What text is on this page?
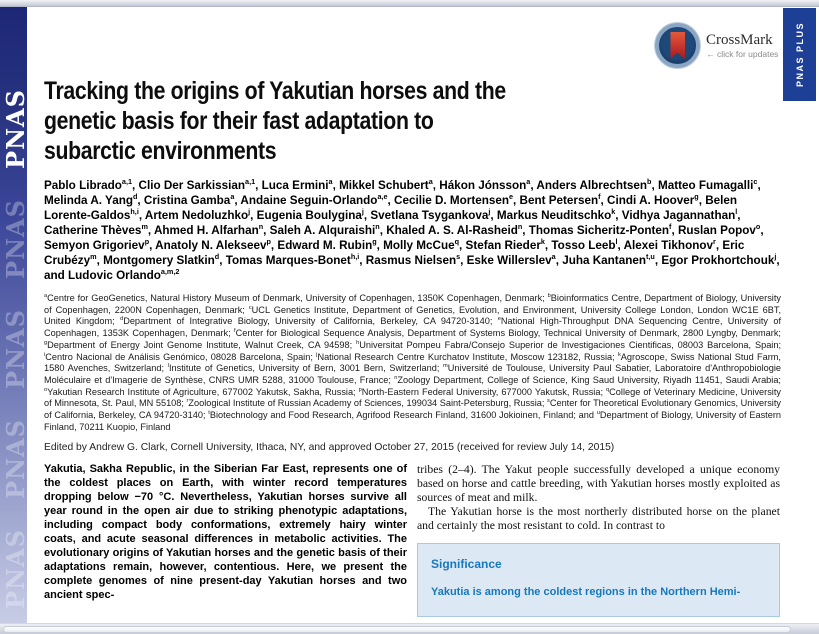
PNAS
PNAS
PNAS
PNAS
PNAS
PNAS PLUS
CrossMark
← click for updates
Tracking the origins of Yakutian horses and the
genetic basis for their fast adaptation to
subarctic environments

Pablo Librado$^{a,1}$, Clio Der Sarkissian$^{a,1}$, Luca Ermini$^a$, Mikkel Schubert$^a$, Hákon Jónsson$^a$, Anders Albrechtsen$^b$, Matteo Fumagalli$^c$, Melinda A. Yang$^d$, Cristina Gamba$^a$, Andaine Seguin-Orlando$^{a,e}$, Cecilie D. Mortensen$^e$, Bent Petersen$^f$, Cindi A. Hoover$^g$, Belen Lorente-Galdos$^{h,i}$, Artem Nedoluzhko$^j$, Eugenia Boulygina$^j$, Svetlana Tsygankova$^j$, Markus Neuditschko$^k$, Vidhya Jagannathan$^l$, Catherine Thèves$^m$, Ahmed H. Alfarhan$^n$, Saleh A. Alquraishi$^n$, Khaled A. S. Al-Rasheid$^n$, Thomas Sicheritz-Ponten$^f$, Ruslan Popov$^o$, Semyon Grigoriev$^p$, Anatoly N. Alekseev$^p$, Edward M. Rubin$^g$, Molly McCue$^q$, Stefan Rieder$^k$, Tosso Leeb$^l$, Alexei Tikhonov$^r$, Eric Crubézy$^m$, Montgomery Slatkin$^d$, Tomas Marques-Bonet$^{h,i}$, Rasmus Nielsen$^s$, Eske Willerslev$^a$, Juha Kantanen$^{t,u}$, Egor Prokhortchouk$^j$, and Ludovic Orlando$^{a,m,2}$

$^a$Centre for GeoGenetics, Natural History Museum of Denmark, University of Copenhagen, 1350K Copenhagen, Denmark; $^b$Bioinformatics Centre, Department of Biology, University of Copenhagen, 2200N Copenhagen, Denmark; $^c$UCL Genetics Institute, Department of Genetics, Evolution, and Environment, University College London, London WC1E 6BT, United Kingdom; $^d$Department of Integrative Biology, University of California, Berkeley, CA 94720-3140; $^e$National High-Throughput DNA Sequencing Centre, University of Copenhagen, 1353K Copenhagen, Denmark; $^f$Center for Biological Sequence Analysis, Department of Systems Biology, Technical University of Denmark, 2800 Lyngby, Denmark; $^g$Department of Energy Joint Genome Institute, Walnut Creek, CA 94598; $^h$Universitat Pompeu Fabra/Consejo Superior de Investigaciones Cientificas, 08003 Barcelona, Spain; $^i$Centro Nacional de Análisis Genómico, 08028 Barcelona, Spain; $^j$National Research Centre Kurchatov Institute, Moscow 123182, Russia; $^k$Agroscope, Swiss National Stud Farm, 1580 Avenches, Switzerland; $^l$Institute of Genetics, University of Bern, 3001 Bern, Switzerland; $^m$Université de Toulouse, University Paul Sabatier, Laboratoire d'Anthropobiologie Moléculaire et d'Imagerie de Synthèse, CNRS UMR 5288, 31000 Toulouse, France; $^n$Zoology Department, College of Science, King Saud University, Riyadh 11451, Saudi Arabia; $^o$Yakutian Research Institute of Agriculture, 677002 Yakutsk, Sakha, Russia; $^p$North-Eastern Federal University, 677000 Yakutsk, Russia; $^q$College of Veterinary Medicine, University of Minnesota, St. Paul, MN 55108; $^r$Zoological Institute of Russian Academy of Sciences, 199034 Saint-Petersburg, Russia; $^s$Center for Theoretical Evolutionary Genomics, University of California, Berkeley, CA 94720-3140; $^t$Biotechnology and Food Research, Agrifood Research Finland, 31600 Jokioinen, Finland; and $^u$Department of Biology, University of Eastern Finland, 70211 Kuopio, Finland

Edited by Andrew G. Clark, Cornell University, Ithaca, NY, and approved October 27, 2015 (received for review July 14, 2015)

Yakutia, Sakha Republic, in the Siberian Far East, represents one of the coldest places on Earth, with winter record temperatures dropping below −70 °C. Nevertheless, Yakutian horses survive all year round in the open air due to striking phenotypic adaptations, including compact body conformations, extremely hairy winter coats, and acute seasonal differences in metabolic activities. The evolutionary origins of Yakutian horses and the genetic basis of their adaptations remain, however, contentious. Here, we present the complete genomes of nine present-day Yakutian horses and two ancient spec-

tribes (2–4). The Yakut people successfully developed a unique economy based on horse and cattle breeding, with Yakutian horses mostly exploited as sources of meat and milk.

The Yakutian horse is the most northerly distributed horse on the planet and certainly the most resistant to cold. In contrast to

Significance

Yakutia is among the coldest regions in the Northern Hemi-
